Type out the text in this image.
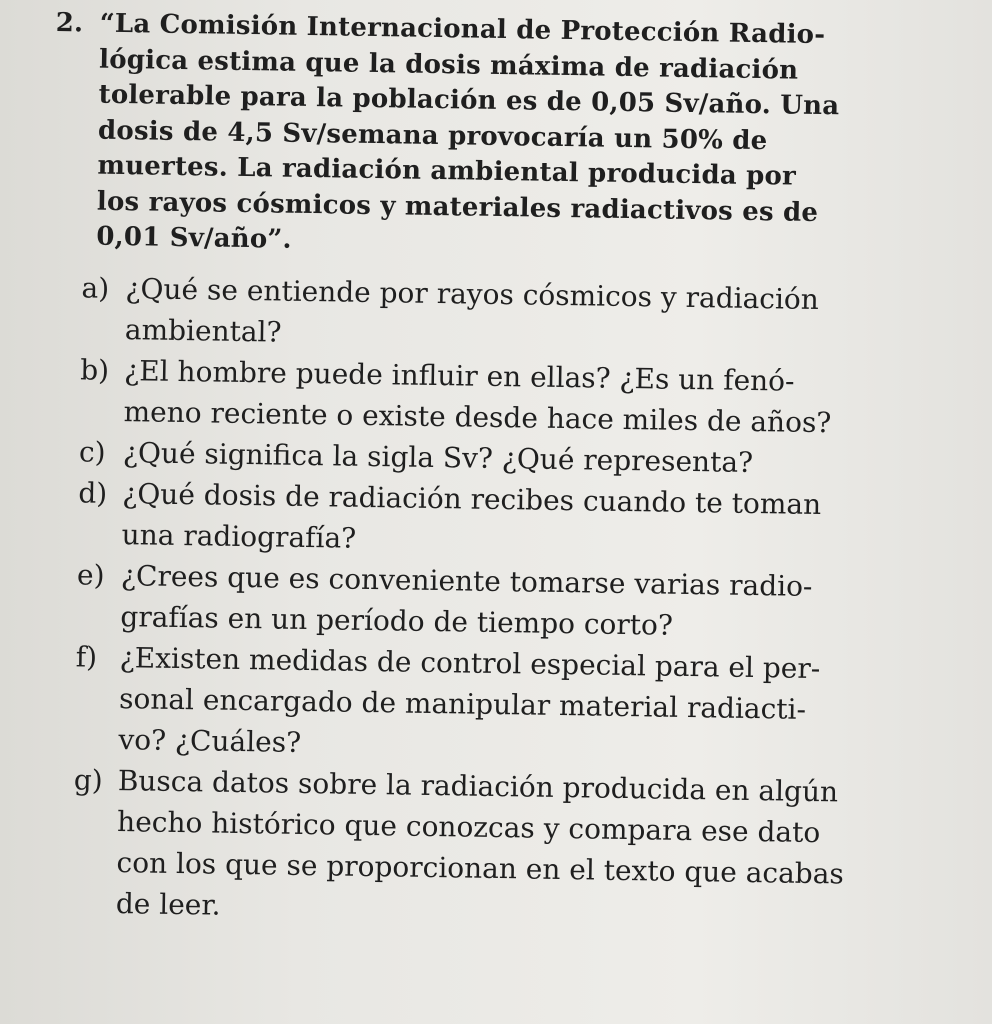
2. “La Comisión Internacional de Protección Radio-
lógica estima que la dosis máxima de radiación
tolerable para la población es de 0,05 Sv/año. Una
dosis de 4,5 Sv/semana provocaría un 50% de
muertes. La radiación ambiental producida por
los rayos cósmicos y materiales radiactivos es de
0,01 Sv/año”.
a) ¿Qué se entiende por rayos cósmicos y radiación
ambiental?
b) ¿El hombre puede influir en ellas? ¿Es un fenó-
meno reciente o existe desde hace miles de años?
c) ¿Qué significa la sigla Sv? ¿Qué representa?
d) ¿Qué dosis de radiación recibes cuando te toman
una radiografía?
e) ¿Crees que es conveniente tomarse varias radio-
grafías en un período de tiempo corto?
f) ¿Existen medidas de control especial para el per-
sonal encargado de manipular material radiacti-
vo? ¿Cuáles?
g) Busca datos sobre la radiación producida en algún
hecho histórico que conozcas y compara ese dato
con los que se proporcionan en el texto que acabas
de leer.
